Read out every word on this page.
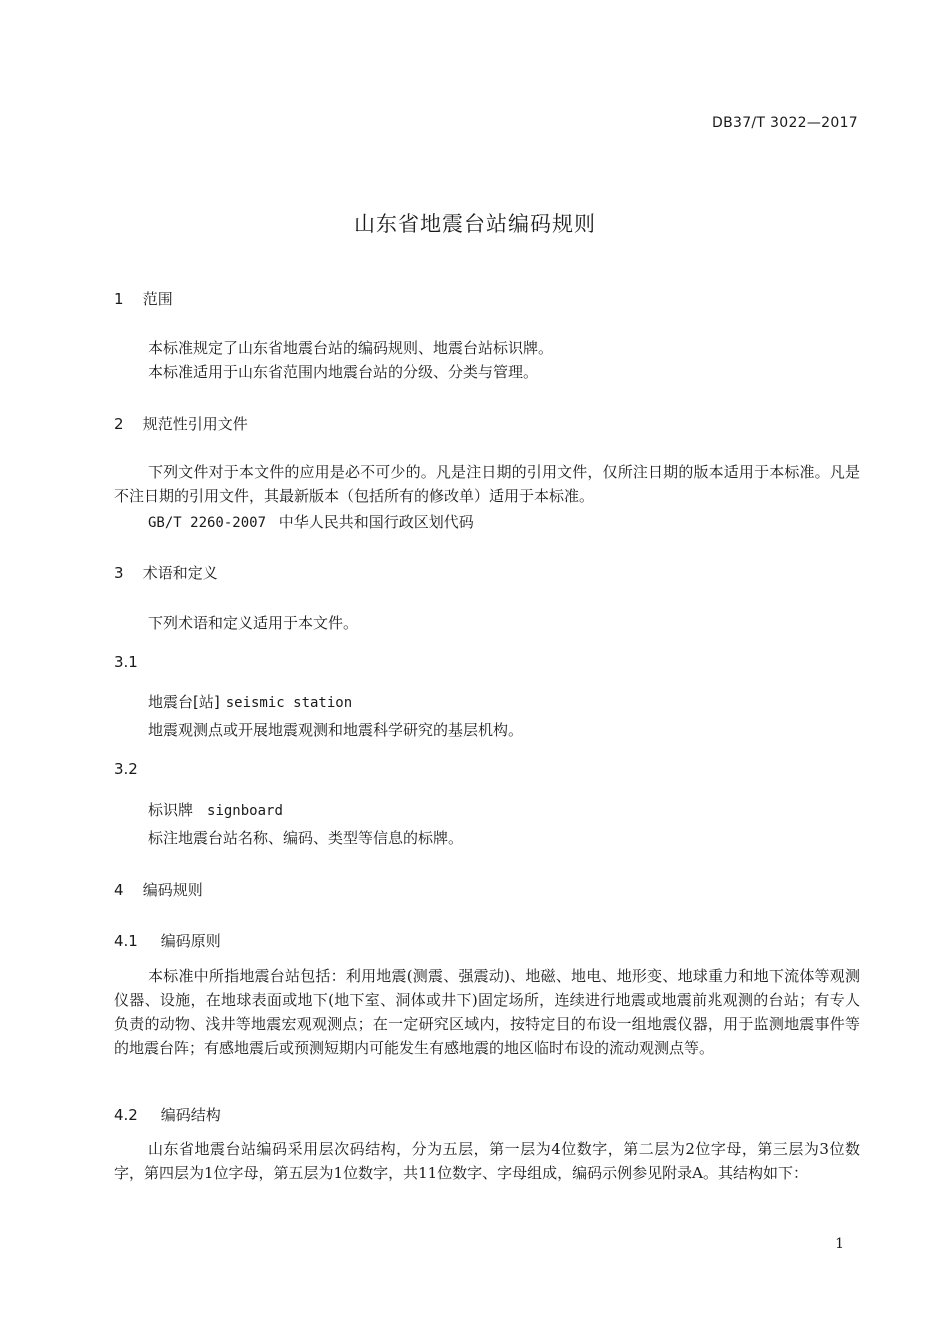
DB37/T 3022—2017
山东省地震台站编码规则
1 范围
本标准规定了山东省地震台站的编码规则、地震台站标识牌。
本标准适用于山东省范围内地震台站的分级、分类与管理。
2 规范性引用文件
下列文件对于本文件的应用是必不可少的。凡是注日期的引用文件，仅所注日期的版本适用于本标准。凡是不注日期的引用文件，其最新版本（包括所有的修改单）适用于本标准。
GB/T 2260-2007 中华人民共和国行政区划代码
3 术语和定义
下列术语和定义适用于本文件。
3.1
地震台[站] seismic station
地震观测点或开展地震观测和地震科学研究的基层机构。
3.2
标识牌 signboard
标注地震台站名称、编码、类型等信息的标牌。
4 编码规则
4.1 编码原则
本标准中所指地震台站包括：利用地震(测震、强震动)、地磁、地电、地形变、地球重力和地下流体等观测仪器、设施，在地球表面或地下(地下室、洞体或井下)固定场所，连续进行地震或地震前兆观测的台站；有专人负责的动物、浅井等地震宏观观测点；在一定研究区域内，按特定目的布设一组地震仪器，用于监测地震事件等的地震台阵；有感地震后或预测短期内可能发生有感地震的地区临时布设的流动观测点等。
4.2 编码结构
山东省地震台站编码采用层次码结构，分为五层，第一层为4位数字，第二层为2位字母，第三层为3位数字，第四层为1位字母，第五层为1位数字，共11位数字、字母组成，编码示例参见附录A。其结构如下：
1
